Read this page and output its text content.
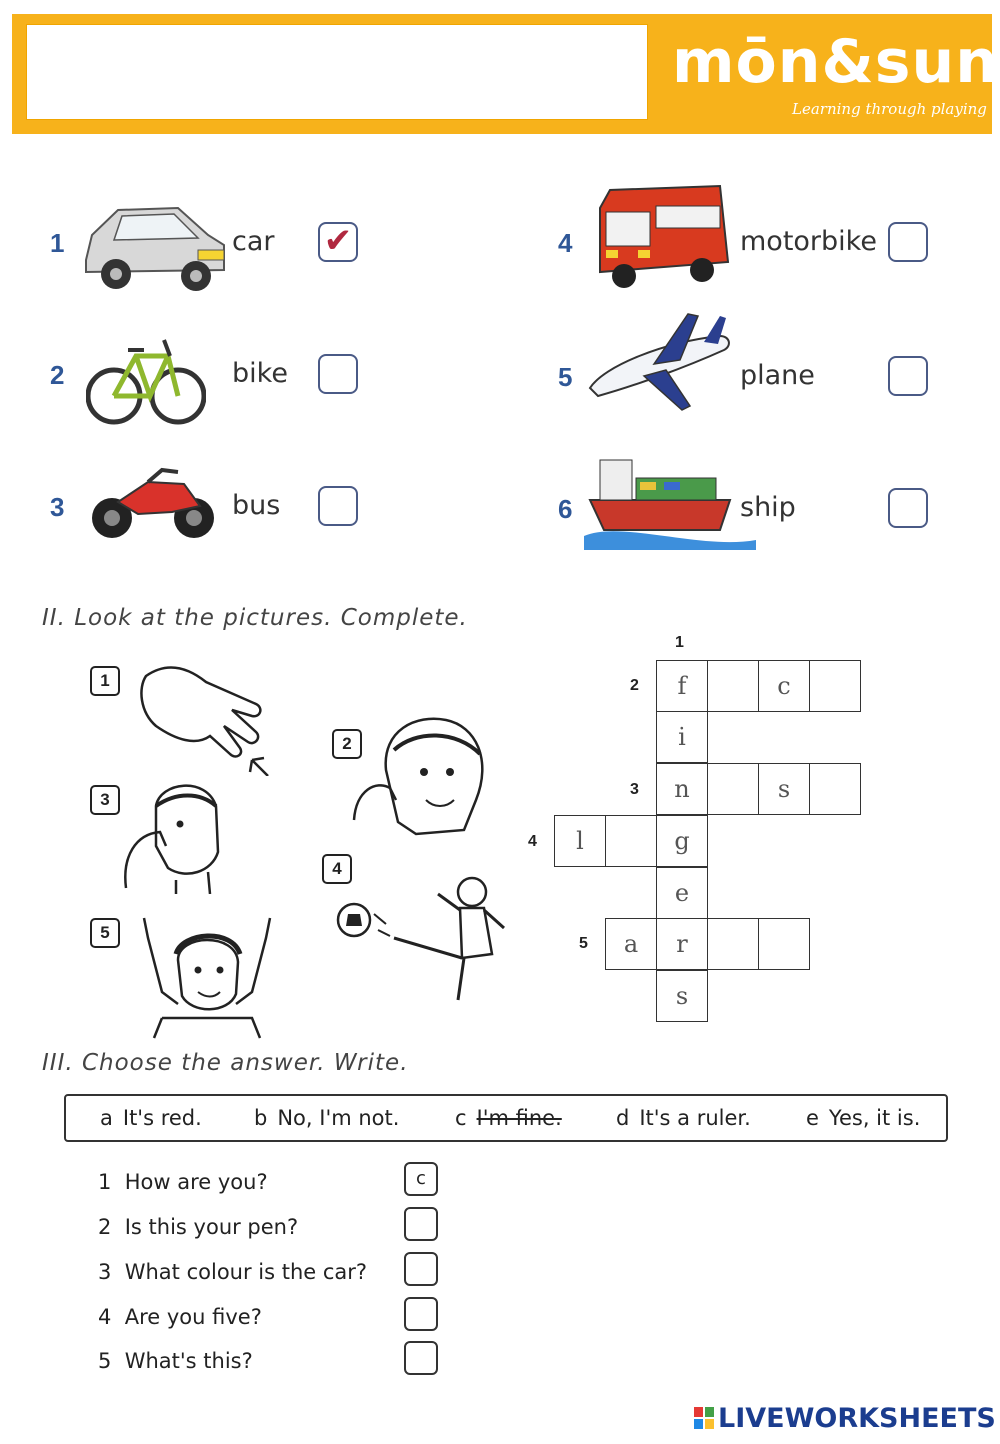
mōn&sun
Learning through playing
1	car ✔
2	bike
3	bus
4	motorbike
5	plane
6	ship
II. Look at the pictures. Complete.
1
2
3
4
5
1
2
3
4
5
f	c
i
n	s
l	g
e
a	r
s
III. Choose the answer. Write.
a It's red. b No, I'm not.	c I'm fine.	d It's a ruler.	e Yes, it is.
1 How are you?	c
2 Is this your pen?
3 What colour is the car?
4 Are you five?
5 What's this?
LIVEWORKSHEETS
